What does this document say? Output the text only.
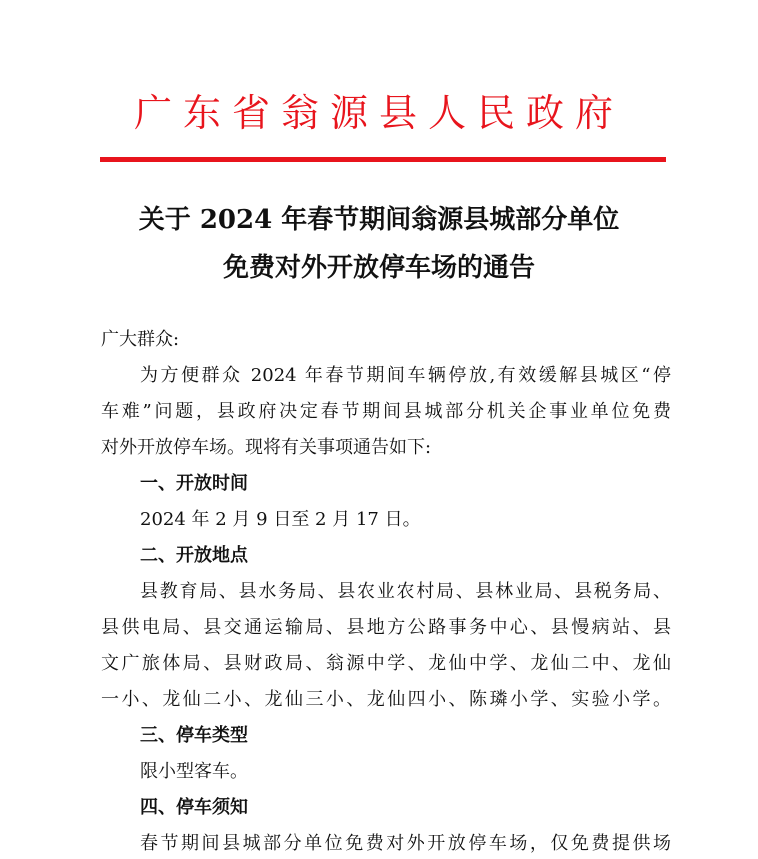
广东省翁源县人民政府
关于 2024 年春节期间翁源县城部分单位
免费对外开放停车场的通告
广大群众:
为方便群众 2024 年春节期间车辆停放,有效缓解县城区“停
车难”问题，县政府决定春节期间县城部分机关企事业单位免费
对外开放停车场。现将有关事项通告如下:
一、开放时间
2024 年 2 月 9 日至 2 月 17 日。
二、开放地点
县教育局、县水务局、县农业农村局、县林业局、县税务局、
县供电局、县交通运输局、县地方公路事务中心、县慢病站、县
文广旅体局、县财政局、翁源中学、龙仙中学、龙仙二中、龙仙
一小、龙仙二小、龙仙三小、龙仙四小、陈璘小学、实验小学。
三、停车类型
限小型客车。
四、停车须知
春节期间县城部分单位免费对外开放停车场，仅免费提供场
